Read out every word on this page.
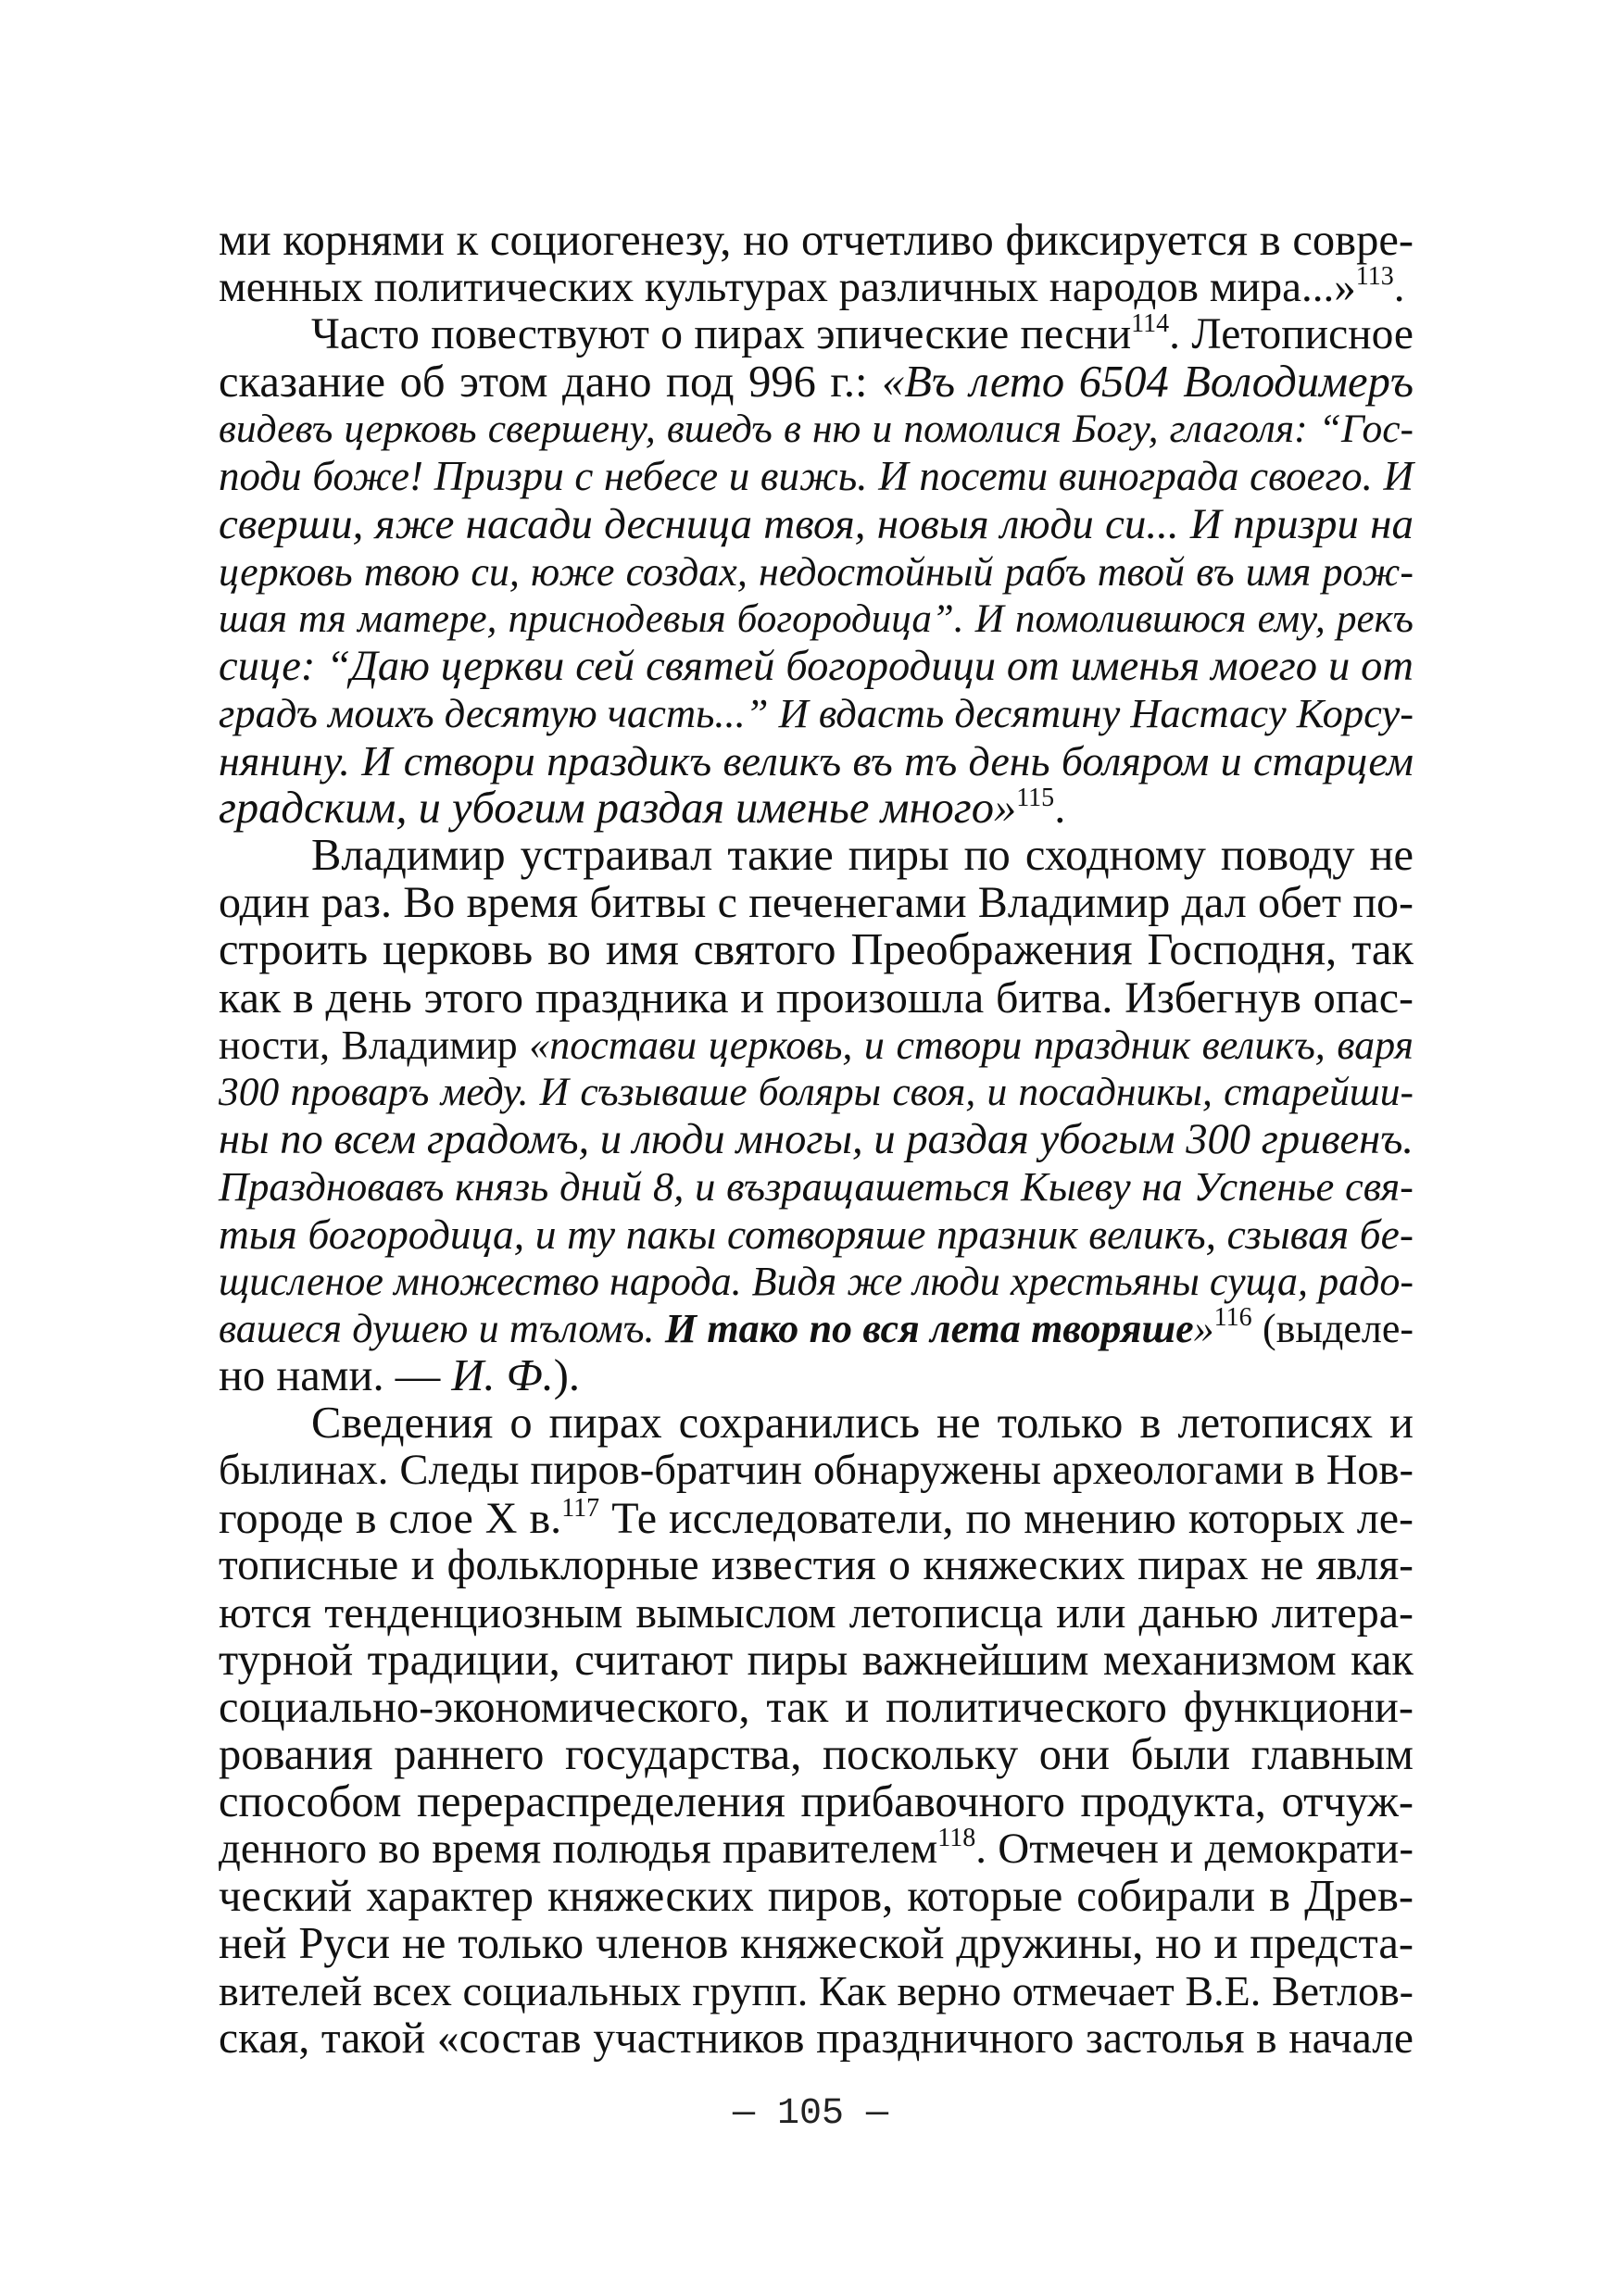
ми корнями к социогенезу, но отчетливо фиксируется в совре-
менных политических культурах различных народов мира...»$^{113}$.
Часто повествуют о пирах эпические песни$^{114}$. Летописное
сказание об этом дано под 996 г.: «Въ лето 6504 Володимеръ
видевъ церковь свершену, вшедъ в ню и помолися Богу, глаголя: “Гос-
поди боже! Призри с небесе и вижь. И посети винограда своего. И
сверши, яже насади десница твоя, новыя люди си... И призри на
церковь твою си, юже создах, недостойный рабъ твой въ имя рож-
шая тя матере, приснодевыя богородица”. И помолившюся ему, рекъ
сице: “Даю церкви сей святей богородици от именья моего и от
градъ моихъ десятую часть...” И вдасть десятину Настасу Корсу-
нянину. И створи праздикъ великъ въ тъ день боляром и старцем
градским, и убогим раздая именье много»$^{115}$.
Владимир устраивал такие пиры по сходному поводу не
один раз. Во время битвы с печенегами Владимир дал обет по-
строить церковь во имя святого Преображения Господня, так
как в день этого праздника и произошла битва. Избегнув опас-
ности, Владимир «постави церковь, и створи праздник великъ, варя
300 проваръ меду. И съзываше боляры своя, и посадникы, старейши-
ны по всем градомъ, и люди многы, и раздая убогым 300 гривенъ.
Праздновавъ князь дний 8, и възращашеться Кыеву на Успенье свя-
тыя богородица, и ту пакы сотворяше празник великъ, сзывая бе-
щисленое множество народа. Видя же люди хрестьяны суща, радо-
вашеся душею и тъломъ. И тако по вся лета творяше»$^{116}$ (выделе-
но нами. — И. Ф.).
Сведения о пирах сохранились не только в летописях и
былинах. Следы пиров-братчин обнаружены археологами в Нов-
городе в слое Х в.$^{117}$ Те исследователи, по мнению которых ле-
тописные и фольклорные известия о княжеских пирах не явля-
ются тенденциозным вымыслом летописца или данью литера-
турной традиции, считают пиры важнейшим механизмом как
социально-экономического, так и политического функциони-
рования раннего государства, поскольку они были главным
способом перераспределения прибавочного продукта, отчуж-
денного во время полюдья правителем$^{118}$. Отмечен и демократи-
ческий характер княжеских пиров, которые собирали в Древ-
ней Руси не только членов княжеской дружины, но и предста-
вителей всех социальных групп. Как верно отмечает В.Е. Ветлов-
ская, такой «состав участников праздничного застолья в начале
— 105 —
